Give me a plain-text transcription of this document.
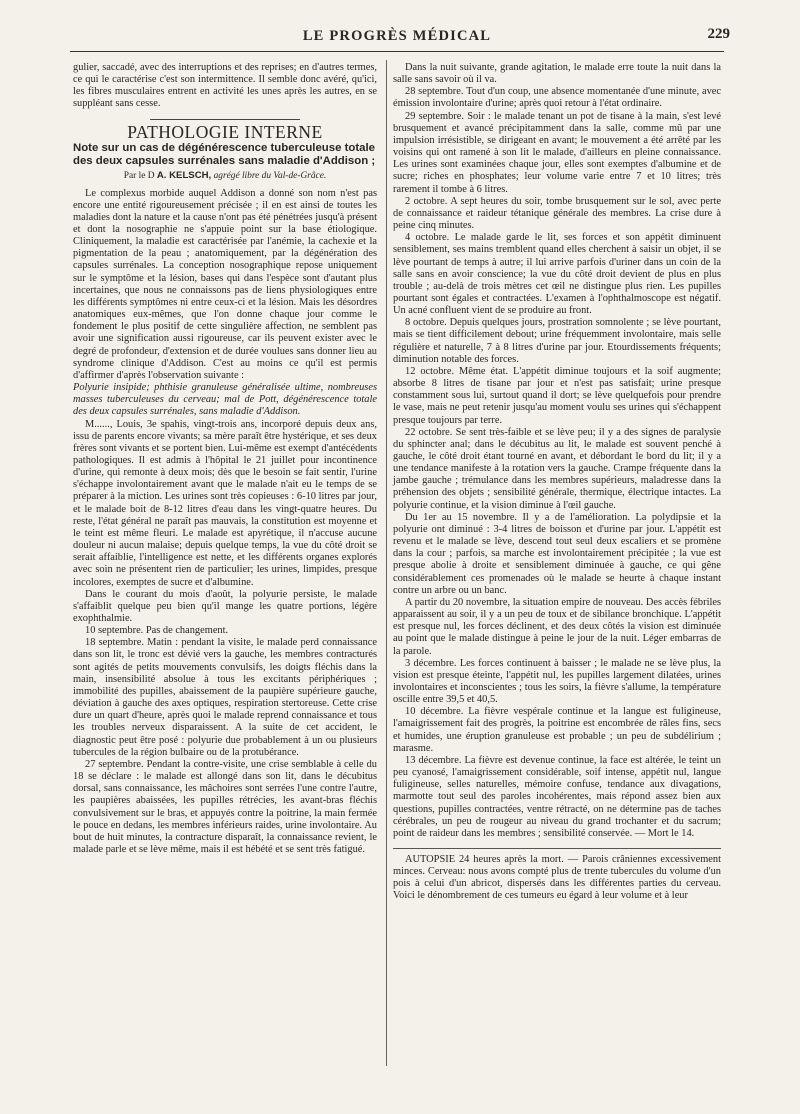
LE PROGRÈS MÉDICAL	229

gulier, saccadé, avec des interruptions et des reprises; en d'autres termes, ce qui le caractérise c'est son intermittence. Il semble donc avéré, qu'ici, les fibres musculaires entrent en activité les unes après les autres, en se suppléant sans cesse.

PATHOLOGIE INTERNE
Note sur un cas de dégénérescence tuberculeuse totale des deux capsules surrénales sans maladie d'Addison ;
Par le D A. KELSCH, agrégé libre du Val-de-Grâce.

Le complexus morbide auquel Addison a donné son nom n'est pas encore une entité rigoureusement précisée ; il en est ainsi de toutes les maladies dont la nature et la cause n'ont pas été pénétrées jusqu'à présent et dont la nosographie ne s'appuie point sur la base étiologique. Cliniquement, la maladie est caractérisée par l'anémie, la cachexie et la pigmentation de la peau ; anatomiquement, par la dégénération des capsules surrénales. La conception nosographique repose uniquement sur le symptôme et la lésion, bases qui dans l'espèce sont d'autant plus incertaines, que nous ne connaissons pas de liens physiologiques entre les différents symptômes ni entre ceux-ci et la lésion. Mais les désordres anatomiques eux-mêmes, que l'on donne chaque jour comme le fondement le plus positif de cette singulière affection, ne semblent pas avoir une signification aussi rigoureuse, car ils peuvent exister avec le degré de profondeur, d'extension et de durée voulues sans donner lieu au syndrome clinique d'Addison. C'est au moins ce qu'il est permis d'affirmer d'après l'observation suivante :

Polyurie insipide; phthisie granuleuse généralisée ultime, nombreuses masses tuberculeuses du cerveau; mal de Pott, dégénérescence totale des deux capsules surrénales, sans maladie d'Addison.

M......, Louis, 3e spahis, vingt-trois ans, incorporé depuis deux ans, issu de parents encore vivants; sa mère paraît être hystérique, et ses deux frères sont vivants et se portent bien. Lui-même est exempt d'antécédents pathologiques. Il est admis à l'hôpital le 21 juillet pour incontinence d'urine, qui remonte à deux mois; dès que le besoin se fait sentir, l'urine s'échappe involontairement avant que le malade n'ait eu le temps de se préparer à la miction. Les urines sont très copieuses : 6-10 litres par jour, et le malade boit de 8-12 litres d'eau dans les vingt-quatre heures. Du reste, l'état général ne paraît pas mauvais, la constitution est moyenne et le teint est même fleuri. Le malade est apyrétique, il n'accuse aucune douleur ni aucun malaise; depuis quelque temps, la vue du côté droit se serait affaiblie, l'intelligence est nette, et les différents organes explorés avec soin ne présentent rien de particulier; les urines, limpides, presque incolores, exemptes de sucre et d'albumine.

Dans le courant du mois d'août, la polyurie persiste, le malade s'affaiblit quelque peu bien qu'il mange les quatre portions, légère exophthalmie.

10 septembre. Pas de changement.

18 septembre. Matin : pendant la visite, le malade perd connaissance dans son lit, le tronc est dévié vers la gauche, les membres contracturés sont agités de petits mouvements convulsifs, les doigts fléchis dans la main, insensibilité absolue à tous les excitants périphériques ; immobilité des pupilles, abaissement de la paupière supérieure gauche, déviation à gauche des axes optiques, respiration stertoreuse. Cette crise dure un quart d'heure, après quoi le malade reprend connaissance et tous les troubles nerveux disparaissent. A la suite de cet accident, le diagnostic peut être posé : polyurie due probablement à un ou plusieurs tubercules de la région bulbaire ou de la protubérance.

27 septembre. Pendant la contre-visite, une crise semblable à celle du 18 se déclare : le malade est allongé dans son lit, dans le décubitus dorsal, sans connaissance, les mâchoires sont serrées l'une contre l'autre, les paupières abaissées, les pupilles rétrécies, les avant-bras fléchis convulsivement sur le bras, et appuyés contre la poitrine, la main fermée le pouce en dedans, les membres inférieurs raides, urine involontaire. Au bout de huit minutes, la contracture disparaît, la connaissance revient, le malade parle et se lève même, mais il est hébété et se sent très fatigué.

Dans la nuit suivante, grande agitation, le malade erre toute la nuit dans la salle sans savoir où il va.

28 septembre. Tout d'un coup, une absence momentanée d'une minute, avec émission involontaire d'urine; après quoi retour à l'état ordinaire.

29 septembre. Soir : le malade tenant un pot de tisane à la main, s'est levé brusquement et avancé précipitamment dans la salle, comme mû par une impulsion irrésistible, se dirigeant en avant; le mouvement a été arrêté par les voisins qui ont ramené à son lit le malade, d'ailleurs en pleine connaissance. Les urines sont examinées chaque jour, elles sont exemptes d'albumine et de sucre; riches en phosphates; leur volume varie entre 7 et 10 litres; très rarement il tombe à 6 litres.

2 octobre. A sept heures du soir, tombe brusquement sur le sol, avec perte de connaissance et raideur tétanique générale des membres. La crise dure à peine cinq minutes.

4 octobre. Le malade garde le lit, ses forces et son appétit diminuent sensiblement, ses mains tremblent quand elles cherchent à saisir un objet, il se lève pourtant de temps à autre; il lui arrive parfois d'uriner dans un coin de la salle sans en avoir conscience; la vue du côté droit devient de plus en plus trouble ; au-delà de trois mètres cet œil ne distingue plus rien. Les pupilles pourtant sont égales et contractées. L'examen à l'ophthalmoscope est négatif. Un acné confluent vient de se produire au front.

8 octobre. Depuis quelques jours, prostration somnolente ; se lève pourtant, mais se tient difficilement debout; urine fréquemment involontaire, mais selle régulière et naturelle, 7 à 8 litres d'urine par jour. Etourdissements fréquents; diminution notable des forces.

12 octobre. Même état. L'appétit diminue toujours et la soif augmente; absorbe 8 litres de tisane par jour et n'est pas satisfait; urine presque constamment sous lui, surtout quand il dort; se lève quelquefois pour prendre le vase, mais ne peut retenir jusqu'au moment voulu ses urines qui s'échappent presque toujours par terre.

22 octobre. Se sent très-faible et se lève peu; il y a des signes de paralysie du sphincter anal; dans le décubitus au lit, le malade est souvent penché à gauche, le côté droit étant tourné en avant, et débordant le bord du lit; il y a une tendance manifeste à la rotation vers la gauche. Crampe fréquente dans la jambe gauche ; trémulance dans les membres supérieurs, maladresse dans la préhension des objets ; sensibilité générale, thermique, électrique intactes. La polyurie continue, et la vision diminue à l'œil gauche.

Du 1er au 15 novembre. Il y a de l'amélioration. La polydipsie et la polyurie ont diminué : 3-4 litres de boisson et d'urine par jour. L'appétit est revenu et le malade se lève, descend tout seul deux escaliers et se promène dans la cour ; parfois, sa marche est involontairement précipitée ; la vue est presque abolie à droite et sensiblement diminuée à gauche, ce qui gêne considérablement ces promenades où le malade se heurte à chaque instant contre un arbre ou un banc.

A partir du 20 novembre, la situation empire de nouveau. Des accès fébriles apparaissent au soir, il y a un peu de toux et de sibilance bronchique. L'appétit est presque nul, les forces déclinent, et des deux côtés la vision est diminuée au point que le malade distingue à peine le jour de la nuit. Léger embarras de la parole.

3 décembre. Les forces continuent à baisser ; le malade ne se lève plus, la vision est presque éteinte, l'appétit nul, les pupilles largement dilatées, urines involontaires et inconscientes ; tous les soirs, la fièvre s'allume, la température oscille entre 39,5 et 40,5.

10 décembre. La fièvre vespérale continue et la langue est fuligineuse, l'amaigrissement fait des progrès, la poitrine est encombrée de râles fins, secs et humides, une éruption granuleuse est probable ; un peu de subdélirium ; marasme.

13 décembre. La fièvre est devenue continue, la face est altérée, le teint un peu cyanosé, l'amaigrissement considérable, soif intense, appétit nul, langue fuligineuse, selles naturelles, mémoire confuse, tendance aux divagations, marmotte tout seul des paroles incohérentes, mais répond assez bien aux questions, pupilles contractées, ventre rétracté, on ne détermine pas de taches cérébrales, un peu de rougeur au niveau du grand trochanter et du sacrum; point de raideur dans les membres ; sensibilité conservée. — Mort le 14.

AUTOPSIE 24 heures après la mort. — Parois crâniennes excessivement minces. Cerveau: nous avons compté plus de trente tubercules du volume d'un pois à celui d'un abricot, dispersés dans les différentes parties du cerveau. Voici le dénombrement de ces tumeurs eu égard à leur volume et à leur
